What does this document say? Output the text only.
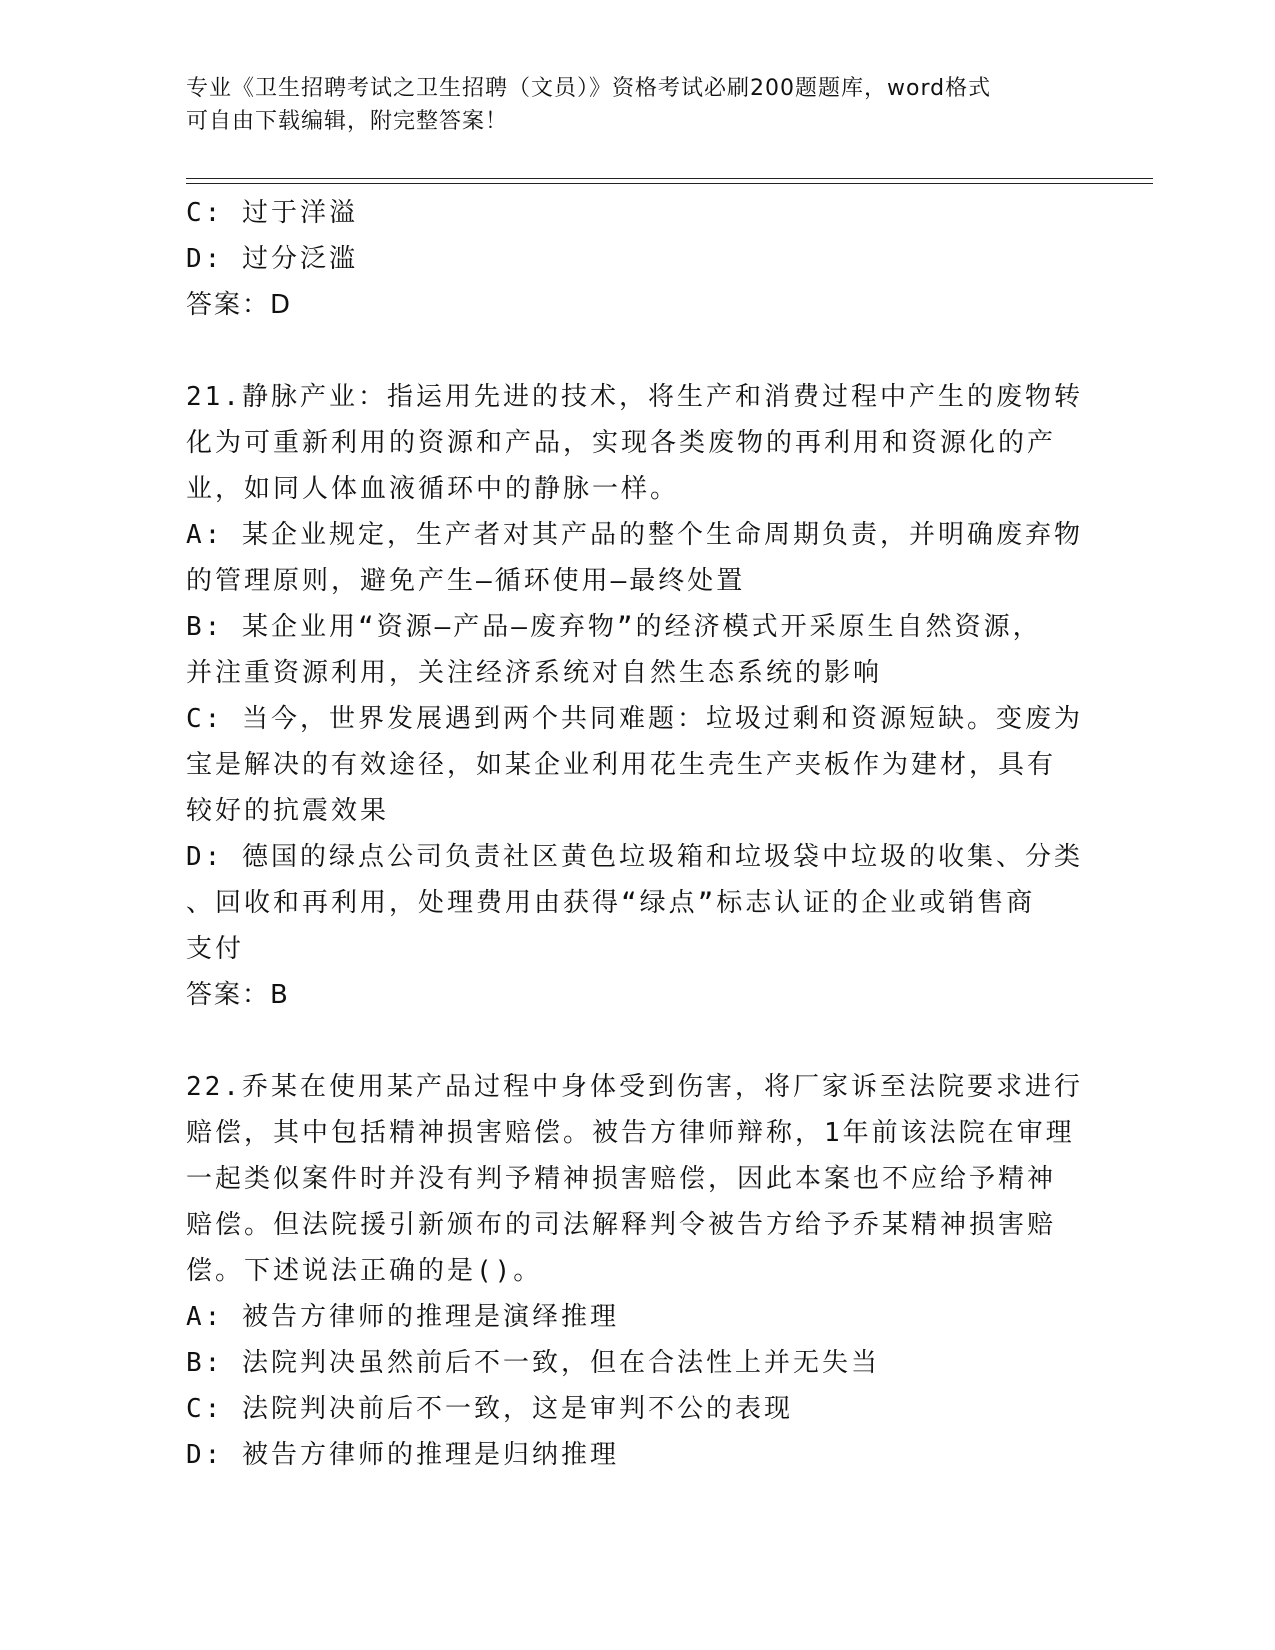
专业《卫生招聘考试之卫生招聘（文员）》资格考试必刷200题题库，word格式
可自由下载编辑，附完整答案！

C: 过于洋溢

D: 过分泛滥

答案：D

21.静脉产业：指运用先进的技术，将生产和消费过程中产生的废物转

化为可重新利用的资源和产品，实现各类废物的再利用和资源化的产

业，如同人体血液循环中的静脉一样。

A: 某企业规定，生产者对其产品的整个生命周期负责，并明确废弃物

的管理原则，避免产生—循环使用—最终处置

B: 某企业用“资源—产品—废弃物”的经济模式开采原生自然资源，

并注重资源利用，关注经济系统对自然生态系统的影响

C: 当今，世界发展遇到两个共同难题：垃圾过剩和资源短缺。变废为

宝是解决的有效途径，如某企业利用花生壳生产夹板作为建材，具有

较好的抗震效果

D: 德国的绿点公司负责社区黄色垃圾箱和垃圾袋中垃圾的收集、分类

、回收和再利用，处理费用由获得“绿点”标志认证的企业或销售商

支付

答案：B

22.乔某在使用某产品过程中身体受到伤害，将厂家诉至法院要求进行

赔偿，其中包括精神损害赔偿。被告方律师辩称，1年前该法院在审理

一起类似案件时并没有判予精神损害赔偿，因此本案也不应给予精神

赔偿。但法院援引新颁布的司法解释判令被告方给予乔某精神损害赔

偿。下述说法正确的是()。

A: 被告方律师的推理是演绎推理

B: 法院判决虽然前后不一致，但在合法性上并无失当

C: 法院判决前后不一致，这是审判不公的表现

D: 被告方律师的推理是归纳推理
